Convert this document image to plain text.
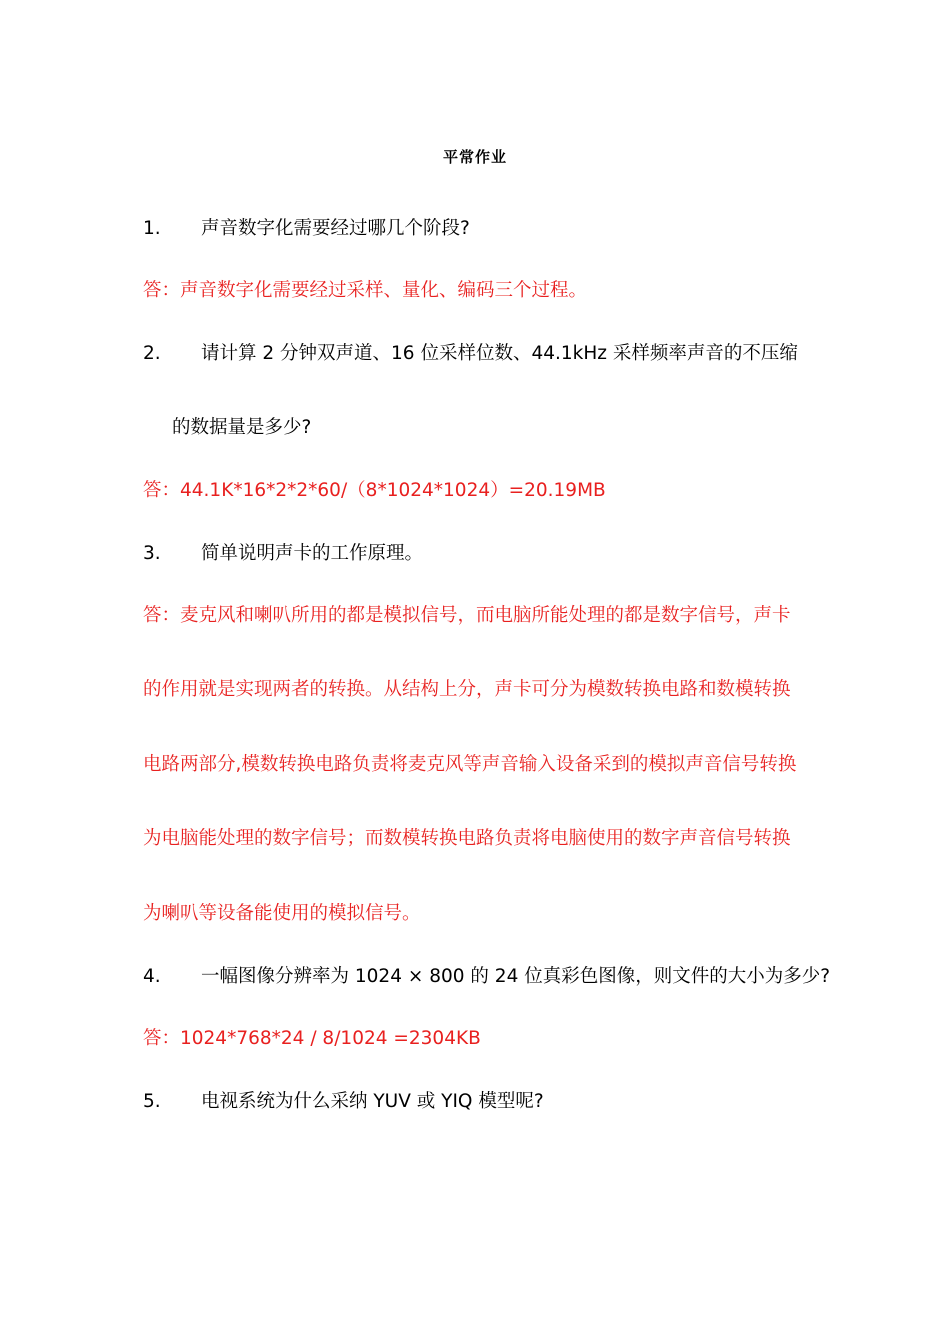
平常作业
1. 声音数字化需要经过哪几个阶段?
答：声音数字化需要经过采样、量化、编码三个过程。
2. 请计算 2 分钟双声道、16 位采样位数、44.1kHz 采样频率声音的不压缩
的数据量是多少?
答：44.1K*16*2*2*60/（8*1024*1024）=20.19MB
3. 简单说明声卡的工作原理。
答：麦克风和喇叭所用的都是模拟信号，而电脑所能处理的都是数字信号，声卡
的作用就是实现两者的转换。从结构上分，声卡可分为模数转换电路和数模转换
电路两部分,模数转换电路负责将麦克风等声音输入设备采到的模拟声音信号转换
为电脑能处理的数字信号；而数模转换电路负责将电脑使用的数字声音信号转换
为喇叭等设备能使用的模拟信号。
4. 一幅图像分辨率为 1024 × 800 的 24 位真彩色图像，则文件的大小为多少?
答：1024*768*24 / 8/1024 =2304KB
5. 电视系统为什么采纳 YUV 或 YIQ 模型呢?
